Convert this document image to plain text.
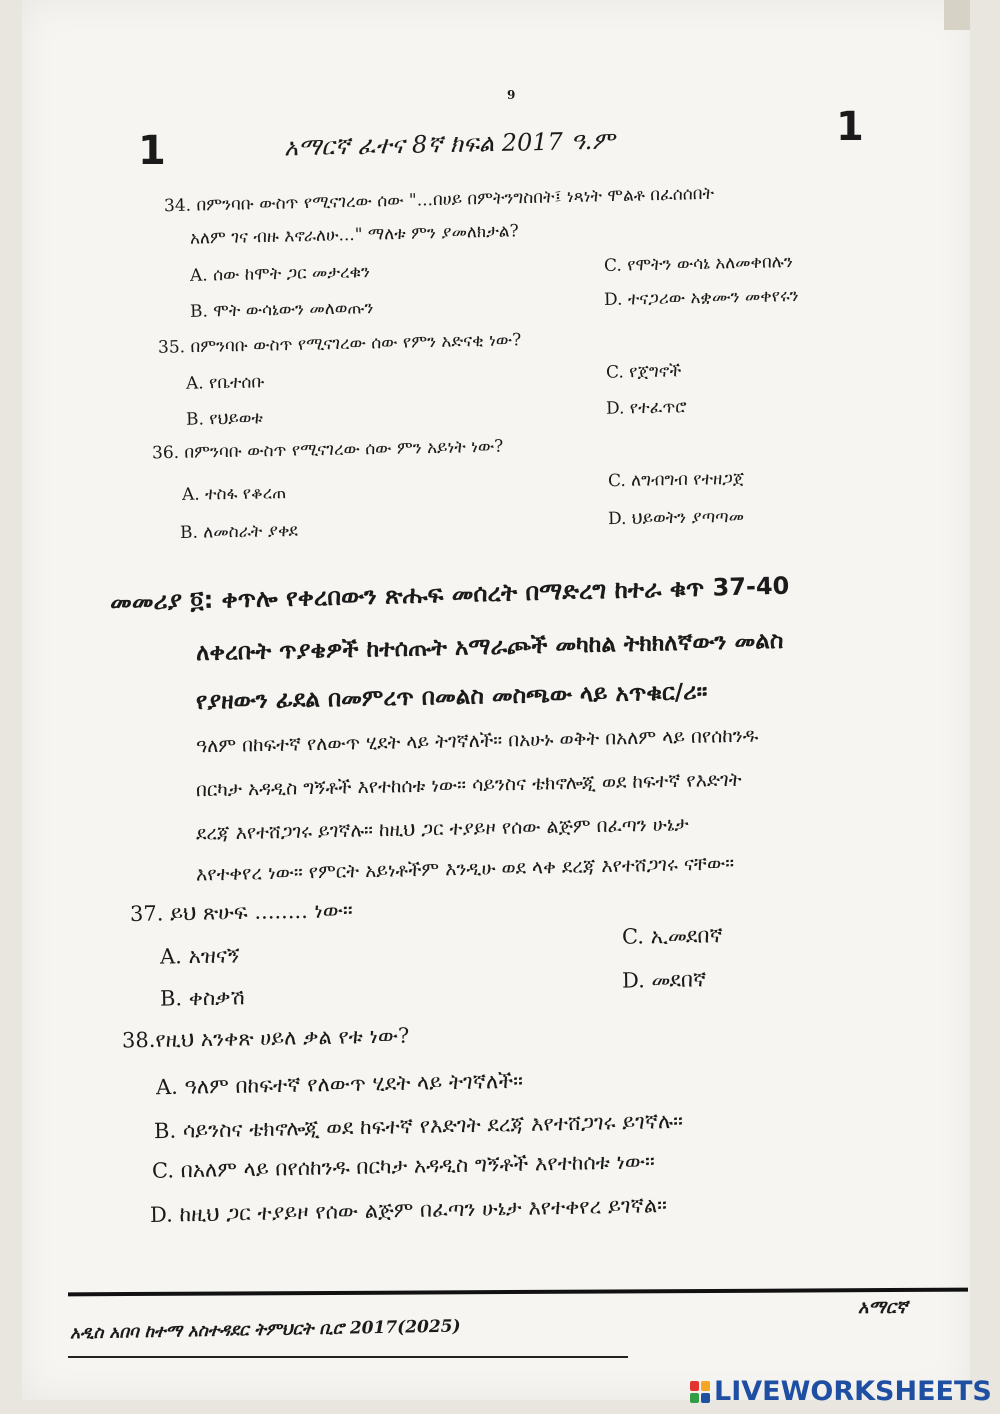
9
1
1
አማርኛ ፈተና 8ኛ ክፍል 2017 ዓ.ም
34. በምንባቡ ውስጥ የሚናገረው ሰው "...በሀይ በምትንግስበት፤ ነጻነት ሞልቶ በፈሰሰበት
አለም ገና ብዙ እኖራለሁ..." ማለቱ ምን ያመለክታል?
A. ሰው ከሞት ጋር መታረቁን	C. የሞትን ውሳኔ አለመቀበሉን
B. ሞት ውሳኔውን መለወጡን	D. ተናጋሪው አቋሙን መቀየሩን
35. በምንባቡ ውስጥ የሚናገረው ሰው የምን አድናቂ ነው?
A. የቤተሰቡ
C. የጀግኖች
B. የህይወቱ
D. የተፈጥሮ
36. በምንባቡ ውስጥ የሚናገረው ሰው ምን አይነት ነው?
A. ተስፋ የቆረጠ
C. ለግብግብ የተዘጋጀ
B. ለመስራት ያቀደ
D. ህይወትን ያጣጣመ
መመሪያ ፬: ቀጥሎ የቀረበውን ጽሑፍ መሰረት በማድረግ ከተራ ቁጥ 37-40
ለቀረቡት ጥያቄዎች ከተሰጡት አማራጮች መካከል ትክክለኛውን መልስ
የያዘውን ፊደል በመምረጥ በመልስ መስጫው ላይ አጥቁር/ሪ።
ዓለም በከፍተኛ የለውጥ ሂደት ላይ ትገኛለች። በአሁኑ ወቅት በአለም ላይ በየሰከንዱ
በርካታ አዳዲስ ግኝቶች እየተከሰቱ ነው። ሳይንስና ቴክኖሎጂ ወደ ከፍተኛ የእድገት
ደረጃ እየተሸጋገሩ ይገኛሉ። ከዚህ ጋር ተያይዞ የሰው ልጅም በፈጣን ሁኔታ
እየተቀየረ ነው። የምርት አይነቶችም እንዲሁ ወደ ላቀ ደረጃ እየተሸጋገሩ ናቸው።
37. ይህ ጽሁፍ ........ ነው።
A. አዝናኝ
C. ኢመደበኛ
B. ቀስቃሽ
D. መደበኛ
38.የዚህ አንቀጽ ሀይለ ቃል የቱ ነው?
A. ዓለም በከፍተኛ የለውጥ ሂደት ላይ ትገኛለች።
B. ሳይንስና ቴክኖሎጂ ወደ ከፍተኛ የእድገት ደረጃ እየተሸጋገሩ ይገኛሉ።
C. በአለም ላይ በየሰከንዱ በርካታ አዳዲስ ግኝቶች እየተከሰቱ ነው።
D. ከዚህ ጋር ተያይዞ የሰው ልጅም በፈጣን ሁኔታ እየተቀየረ ይገኛል።
አማርኛ
አዲስ አበባ ከተማ አስተዳደር ትምህርት ቢሮ 2017(2025)
LIVEWORKSHEETS
